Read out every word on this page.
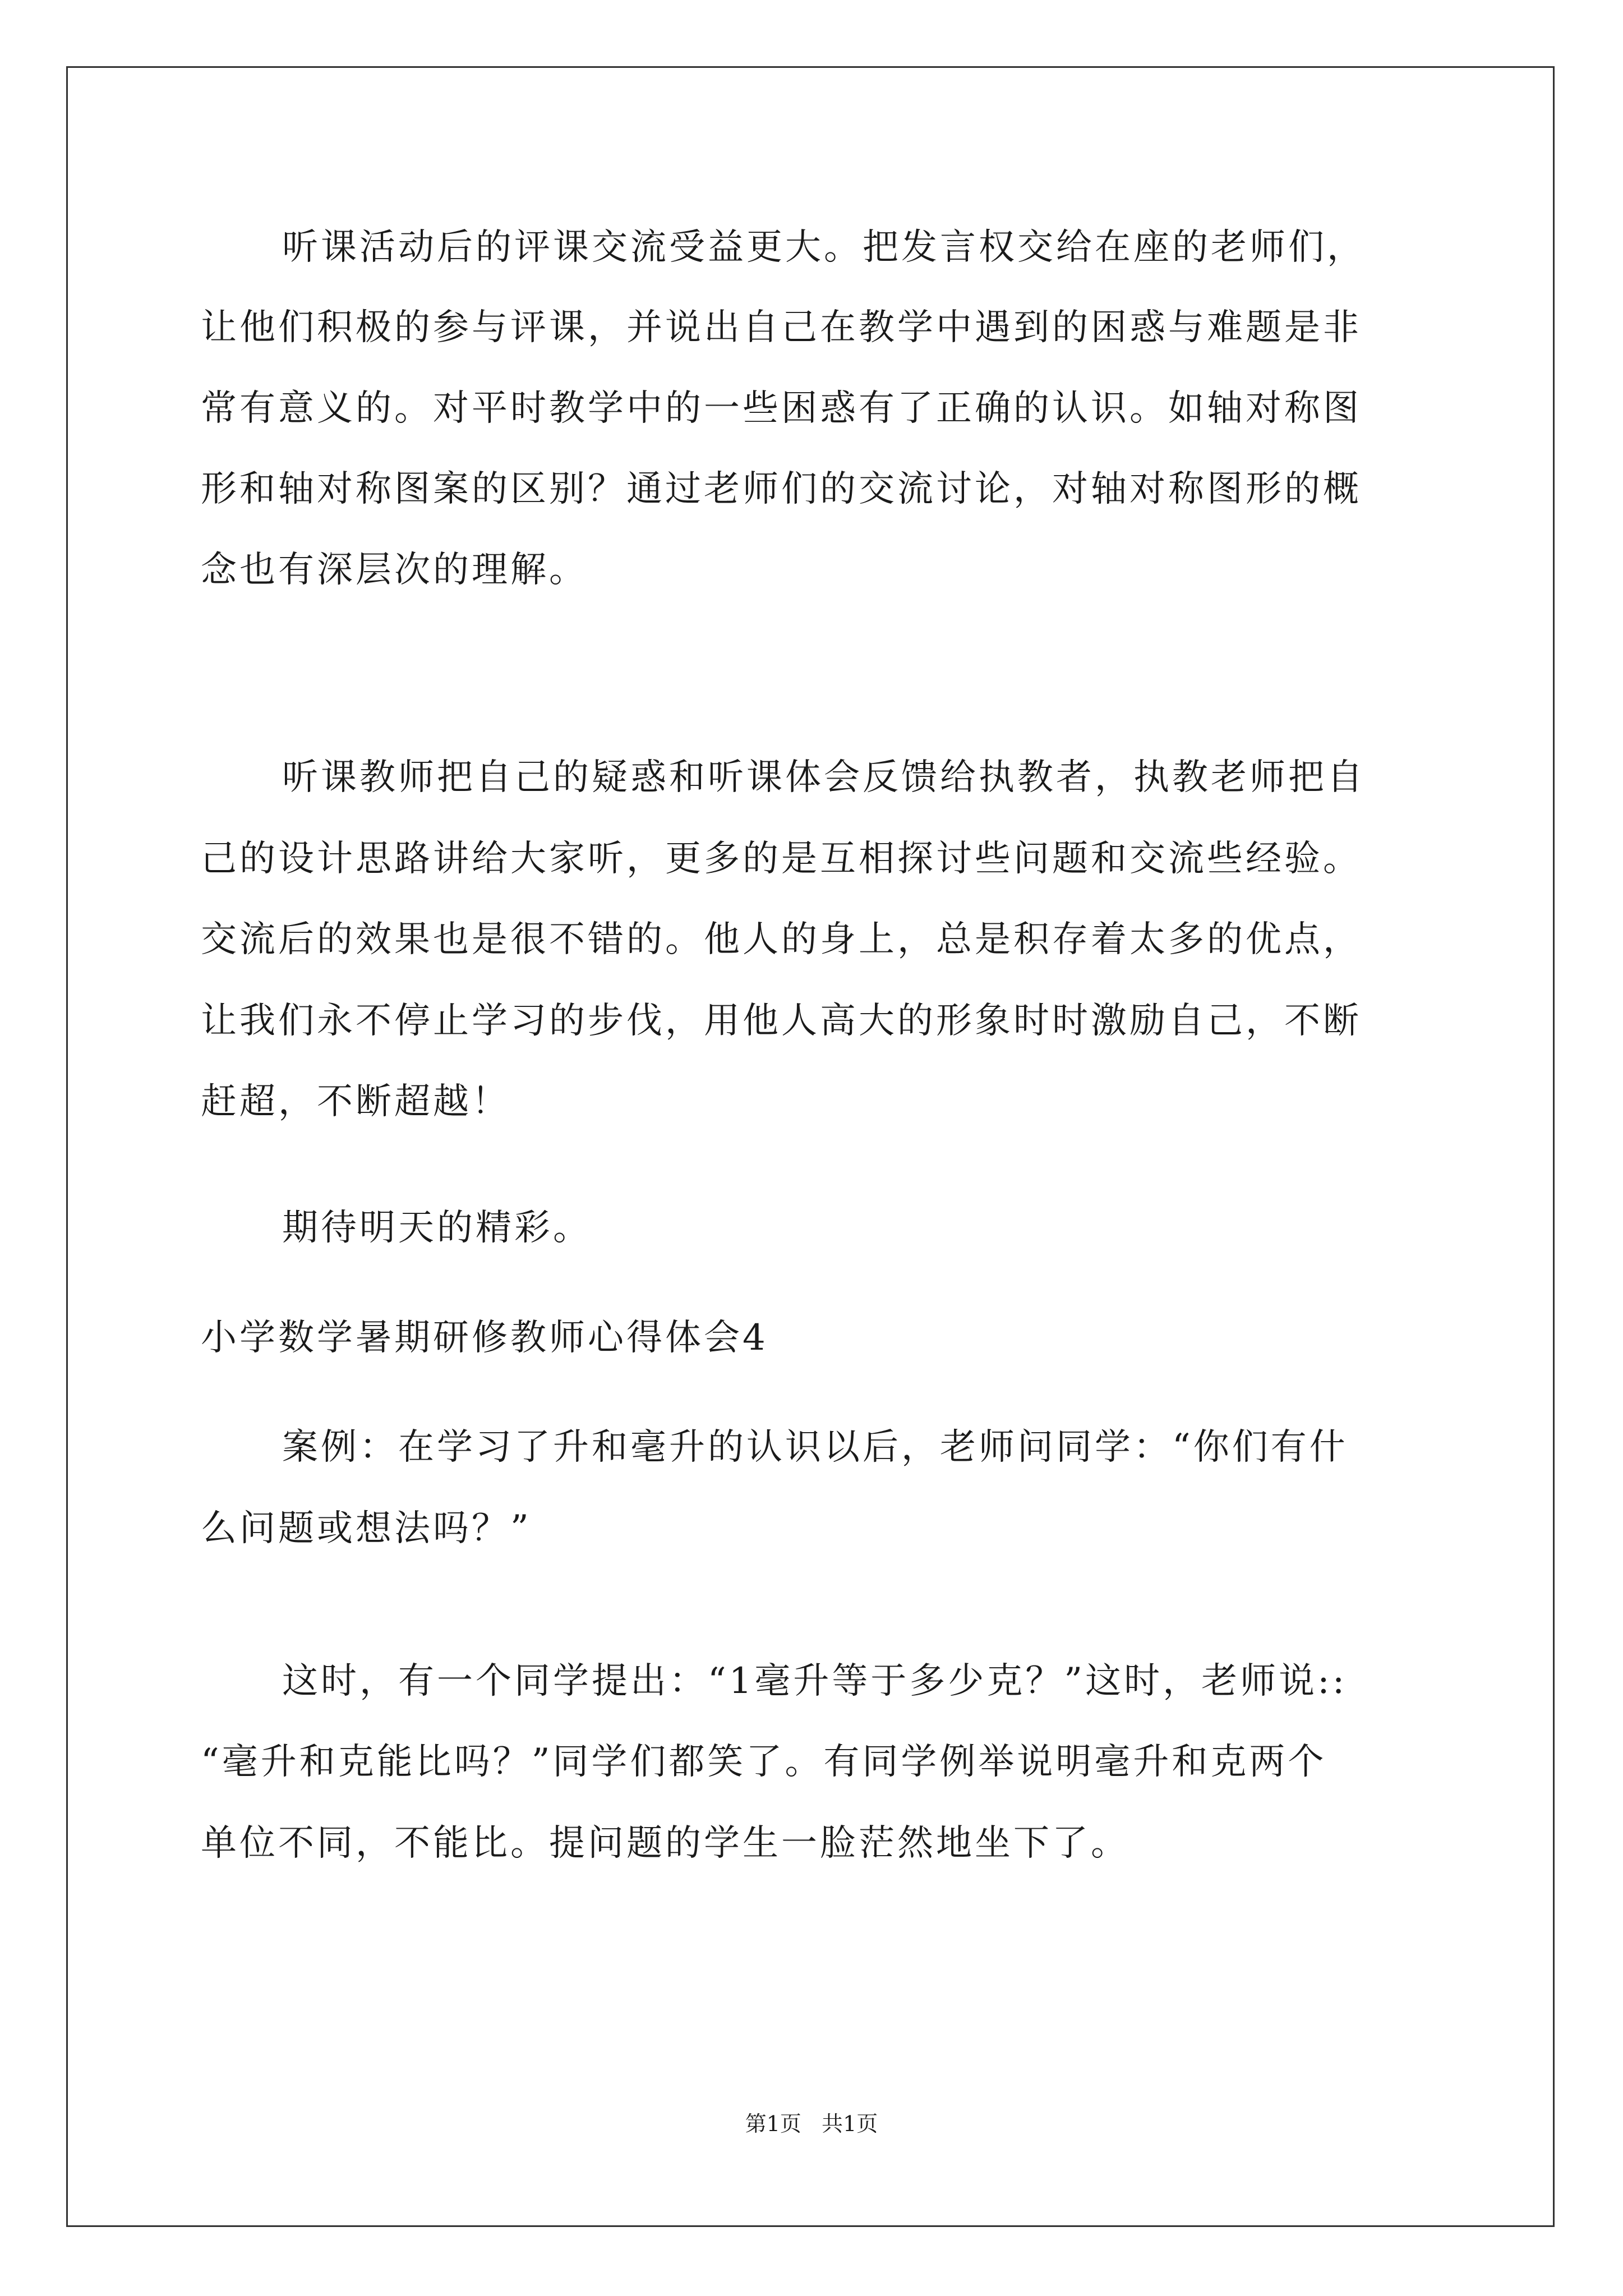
听课活动后的评课交流受益更大。把发言权交给在座的老师们，
让他们积极的参与评课，并说出自己在教学中遇到的困惑与难题是非
常有意义的。对平时教学中的一些困惑有了正确的认识。如轴对称图
形和轴对称图案的区别？通过老师们的交流讨论，对轴对称图形的概
念也有深层次的理解。
听课教师把自己的疑惑和听课体会反馈给执教者，执教老师把自
己的设计思路讲给大家听，更多的是互相探讨些问题和交流些经验。
交流后的效果也是很不错的。他人的身上，总是积存着太多的优点，
让我们永不停止学习的步伐，用他人高大的形象时时激励自己，不断
赶超，不断超越！
期待明天的精彩。
小学数学暑期研修教师心得体会4
案例：在学习了升和毫升的认识以后，老师问同学：“你们有什
么问题或想法吗？”
这时，有一个同学提出：“1毫升等于多少克？”这时，老师说::
“毫升和克能比吗？”同学们都笑了。有同学例举说明毫升和克两个
单位不同，不能比。提问题的学生一脸茫然地坐下了。
第1页   共1页
